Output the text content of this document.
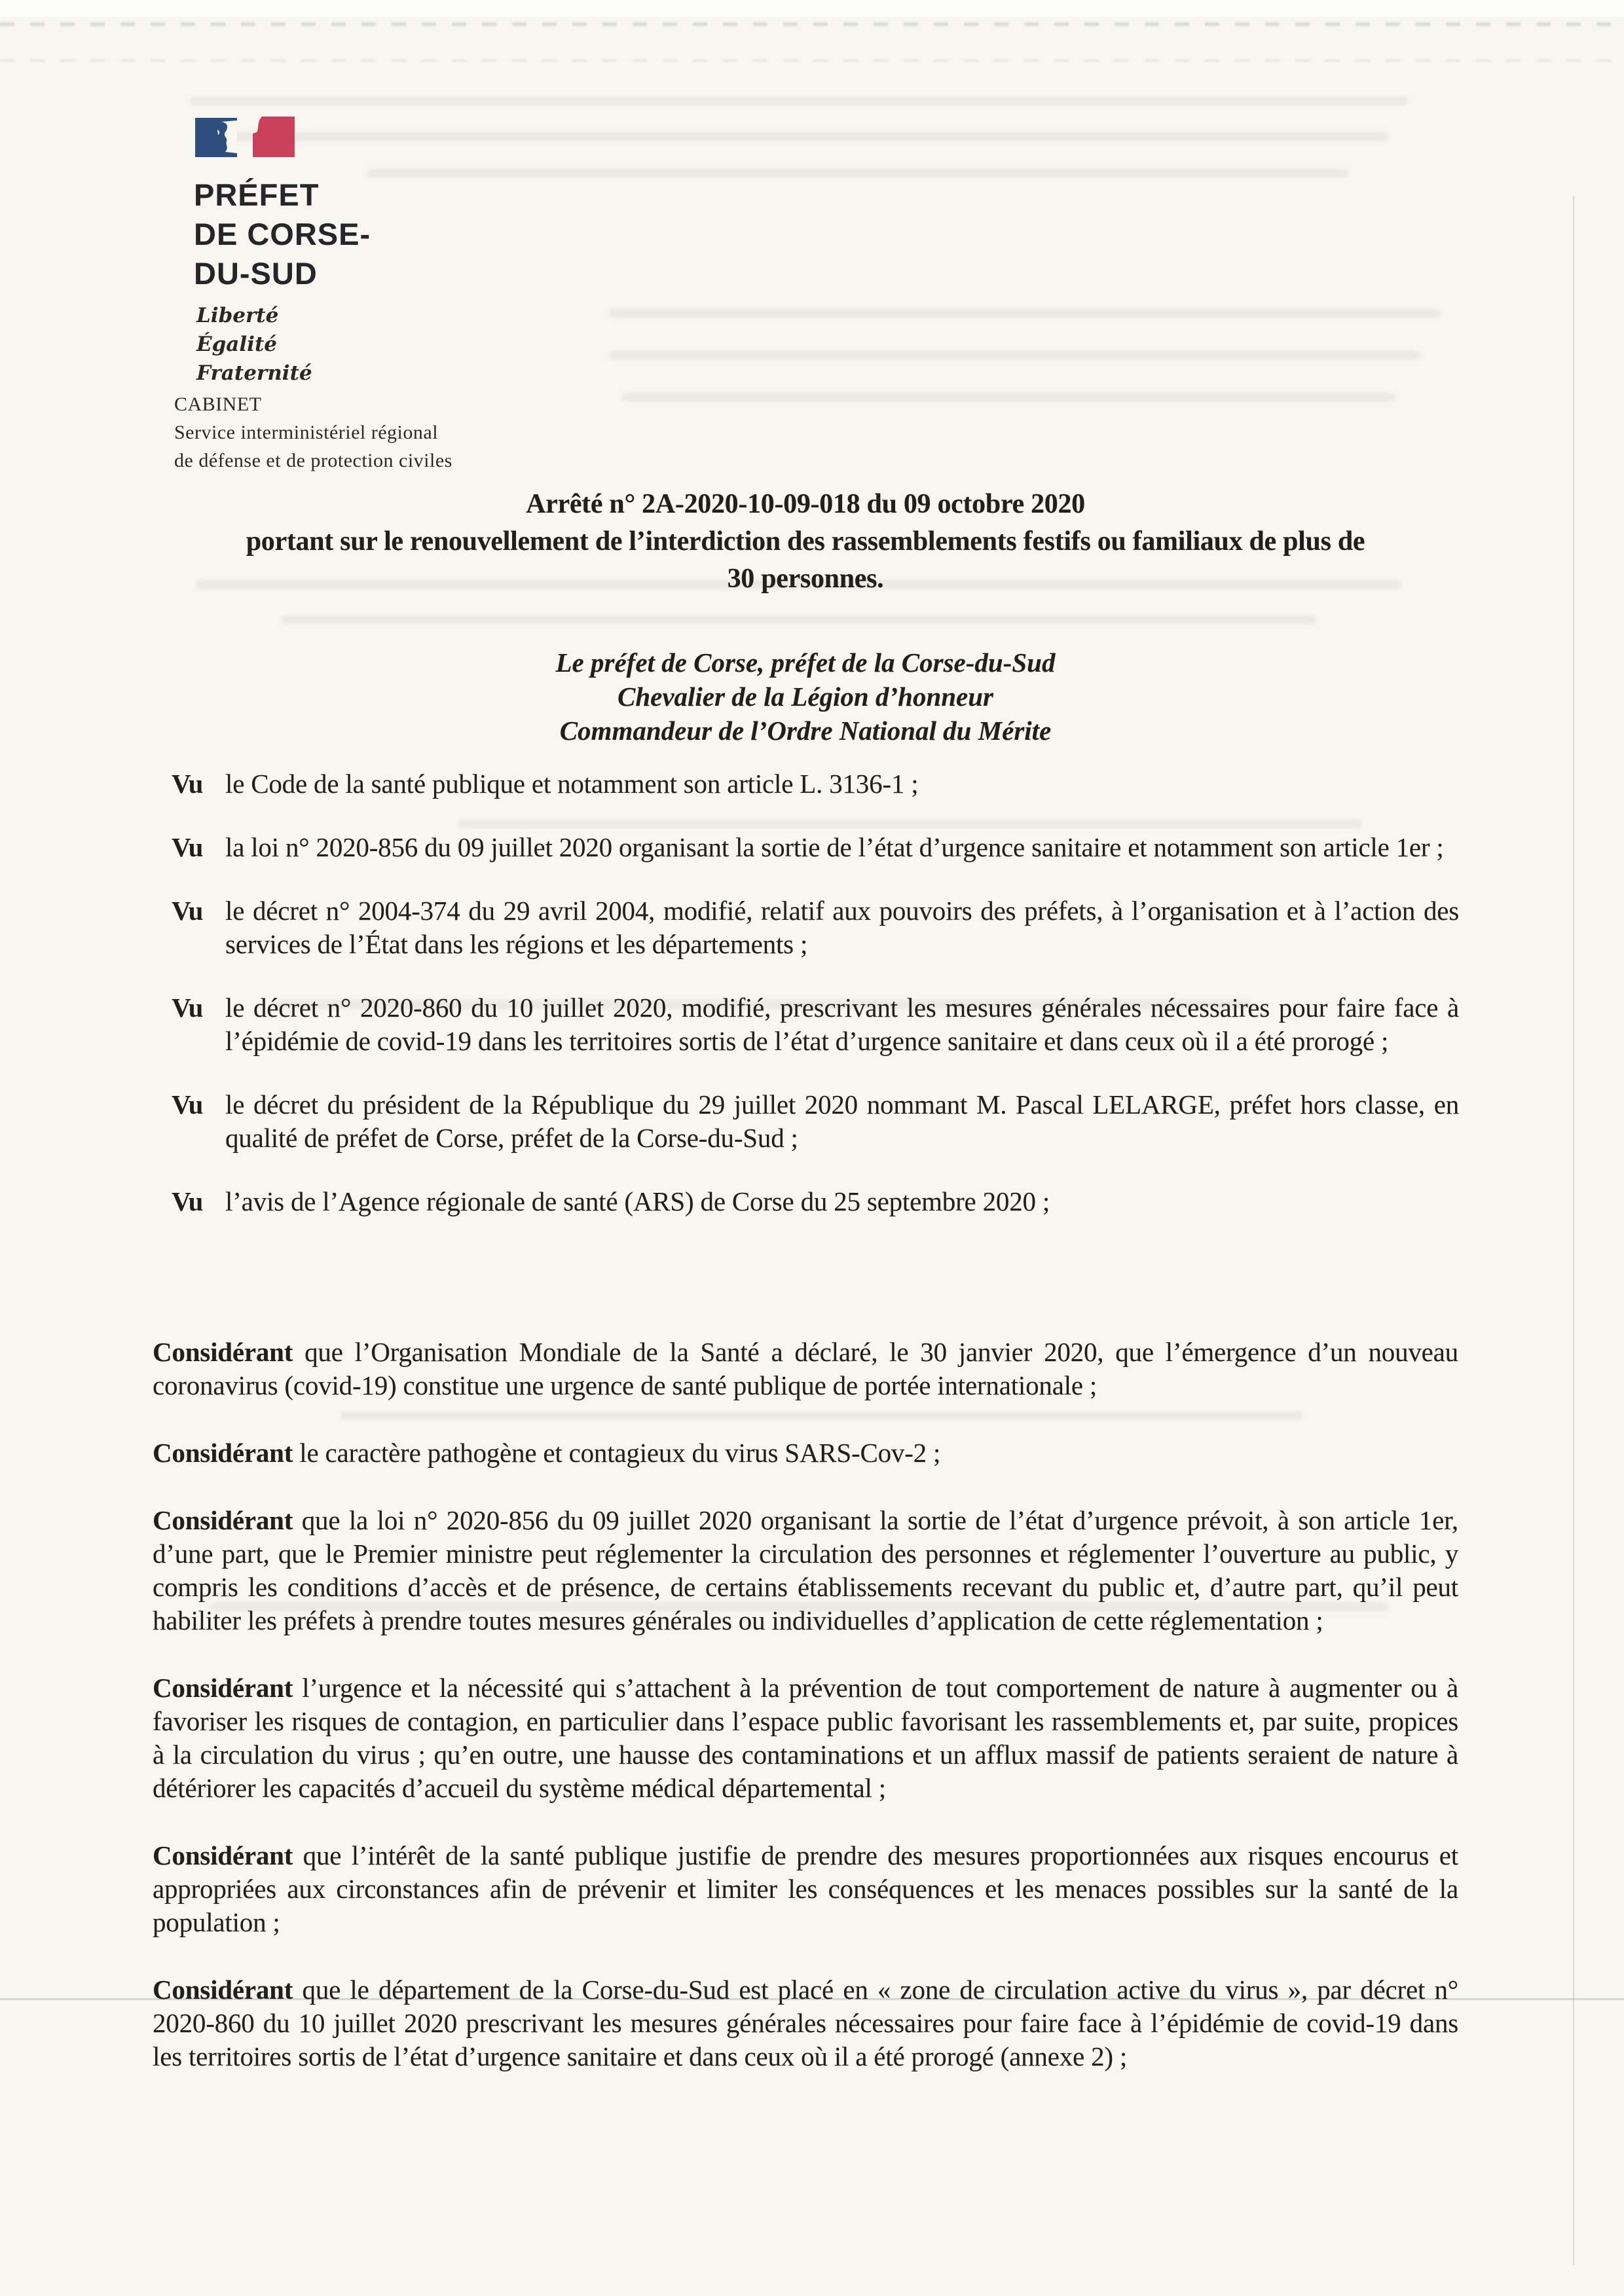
PRÉFET
DE CORSE-
DU-SUD
Liberté
Égalité
Fraternité
CABINET
Service interministériel régional
de défense et de protection civiles
Arrêté n° 2A-2020-10-09-018 du 09 octobre 2020
portant sur le renouvellement de l’interdiction des rassemblements festifs ou familiaux de plus de
30 personnes.
Le préfet de Corse, préfet de la Corse-du-Sud
Chevalier de la Légion d’honneur
Commandeur de l’Ordre National du Mérite
Vu le Code de la santé publique et notamment son article L. 3136-1 ;
Vu la loi n° 2020-856 du 09 juillet 2020 organisant la sortie de l’état d’urgence sanitaire et notamment son article 1er ;
Vu le décret n° 2004-374 du 29 avril 2004, modifié, relatif aux pouvoirs des préfets, à l’organisation et à l’action des services de l’État dans les régions et les départements ;
Vu le décret n° 2020-860 du 10 juillet 2020, modifié, prescrivant les mesures générales nécessaires pour faire face à l’épidémie de covid-19 dans les territoires sortis de l’état d’urgence sanitaire et dans ceux où il a été prorogé ;
Vu le décret du président de la République du 29 juillet 2020 nommant M. Pascal LELARGE, préfet hors classe, en qualité de préfet de Corse, préfet de la Corse-du-Sud ;
Vu l’avis de l’Agence régionale de santé (ARS) de Corse du 25 septembre 2020 ;

Considérant que l’Organisation Mondiale de la Santé a déclaré, le 30 janvier 2020, que l’émergence d’un nouveau coronavirus (covid-19) constitue une urgence de santé publique de portée internationale ;

Considérant le caractère pathogène et contagieux du virus SARS-Cov-2 ;

Considérant que la loi n° 2020-856 du 09 juillet 2020 organisant la sortie de l’état d’urgence prévoit, à son article 1er, d’une part, que le Premier ministre peut réglementer la circulation des personnes et réglementer l’ouverture au public, y compris les conditions d’accès et de présence, de certains établissements recevant du public et, d’autre part, qu’il peut habiliter les préfets à prendre toutes mesures générales ou individuelles d’application de cette réglementation ;

Considérant l’urgence et la nécessité qui s’attachent à la prévention de tout comportement de nature à augmenter ou à favoriser les risques de contagion, en particulier dans l’espace public favorisant les rassemblements et, par suite, propices à la circulation du virus ; qu’en outre, une hausse des contaminations et un afflux massif de patients seraient de nature à détériorer les capacités d’accueil du système médical départemental ;

Considérant que l’intérêt de la santé publique justifie de prendre des mesures proportionnées aux risques encourus et appropriées aux circonstances afin de prévenir et limiter les conséquences et les menaces possibles sur la santé de la population ;

Considérant que le département de la Corse-du-Sud est placé en « zone de circulation active du virus », par décret n° 2020-860 du 10 juillet 2020 prescrivant les mesures générales nécessaires pour faire face à l’épidémie de covid-19 dans les territoires sortis de l’état d’urgence sanitaire et dans ceux où il a été prorogé (annexe 2) ;
